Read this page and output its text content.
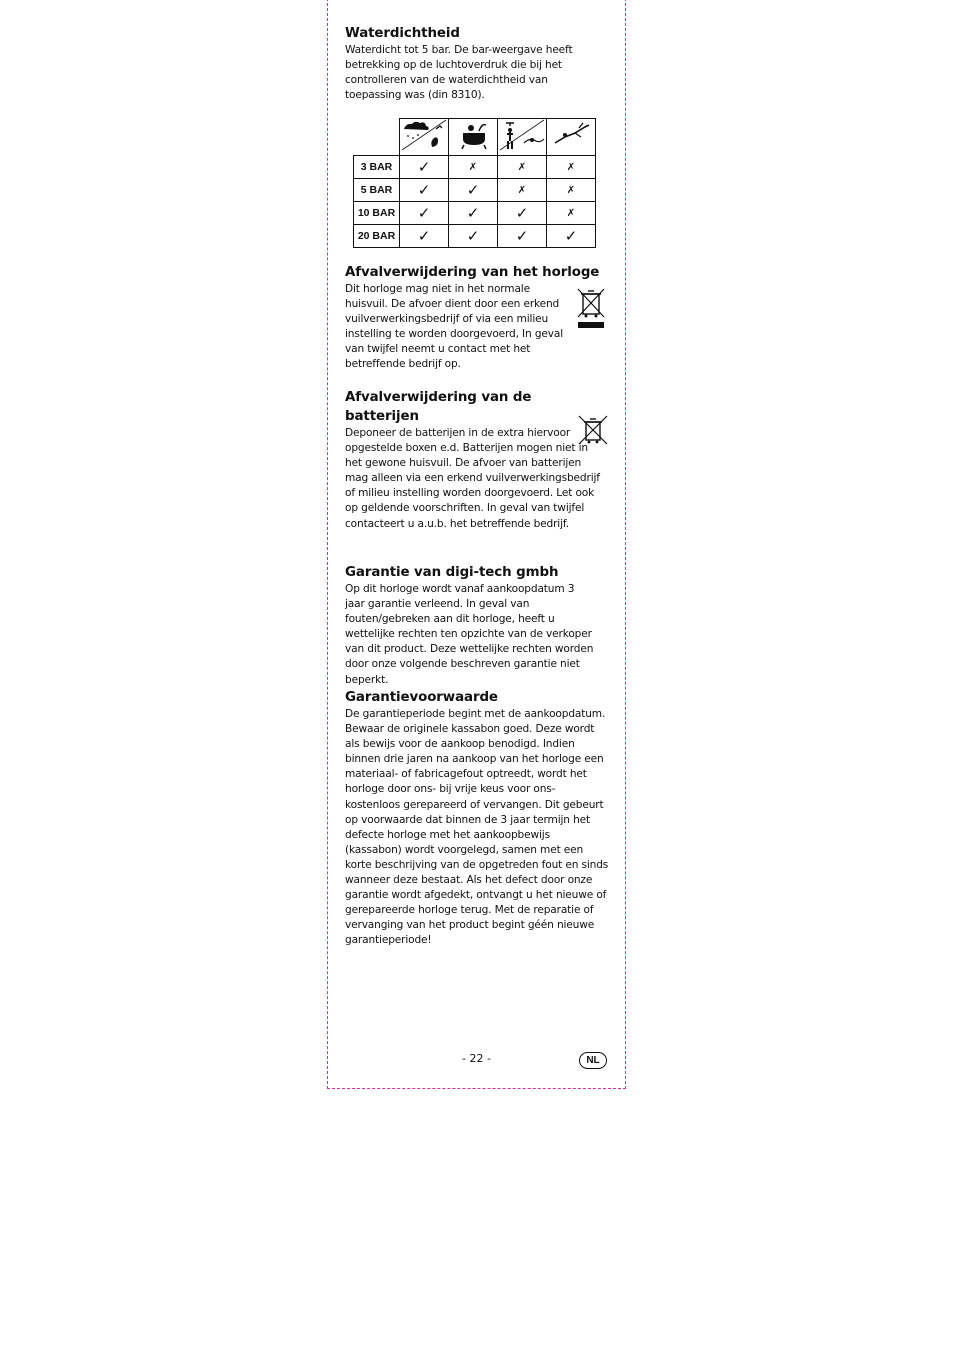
Waterdichtheid

Waterdicht tot 5 bar. De bar-weergave heeft betrekking op de luchtoverdruk die bij het controlleren van de waterdichtheid van toepassing was (din 8310).

3 BAR	✓	✗	✗	✗
5 BAR	✓	✓	✗	✗
10 BAR	✓	✓	✓	✗
20 BAR	✓	✓	✓	✓
Afvalverwijdering van het horloge

Dit horloge mag niet in het normale huisvuil. De afvoer dient door een erkend vuilverwerkingsbedrijf of via een milieu instelling te worden doorgevoerd, In geval van twijfel neemt u contact met het betreffende bedrijf op.

Afvalverwijdering van de batterijen

Deponeer de batterijen in de extra hiervoor opgestelde boxen e.d. Batterijen mogen niet in het gewone huisvuil. De afvoer van batterijen mag alleen via een erkend vuilverwerkingsbedrijf of milieu instelling worden doorgevoerd. Let ook op geldende voorschriften. In geval van twijfel contacteert u a.u.b. het betreffende bedrijf.

Garantie van digi-tech gmbh

Op dit horloge wordt vanaf aankoopdatum 3 jaar garantie verleend. In geval van fouten/gebreken aan dit horloge, heeft u wettelijke rechten ten opzichte van de verkoper van dit product. Deze wettelijke rechten worden door onze volgende beschreven garantie niet beperkt.

Garantievoorwaarde

De garantieperiode begint met de aankoopdatum. Bewaar de originele kassabon goed. Deze wordt als bewijs voor de aankoop benodigd. Indien binnen drie jaren na aankoop van het horloge een materiaal- of fabricagefout optreedt, wordt het horloge door ons- bij vrije keus voor ons- kostenloos gerepareerd of vervangen. Dit gebeurt op voorwaarde dat binnen de 3 jaar termijn het defecte horloge met het aankoopbewijs (kassabon) wordt voorgelegd, samen met een korte beschrijving van de opgetreden fout en sinds wanneer deze bestaat. Als het defect door onze garantie wordt afgedekt, ontvangt u het nieuwe of gerepareerde horloge terug. Met de reparatie of vervanging van het product begint géén nieuwe garantieperiode!

- 22 -	NL
